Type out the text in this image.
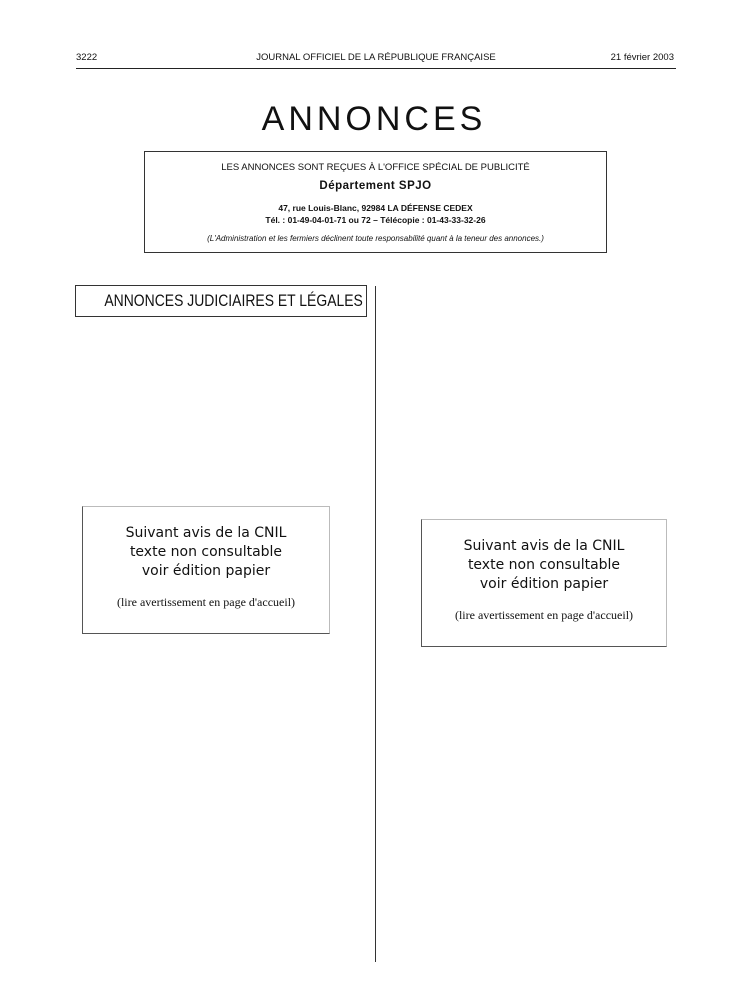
3222	JOURNAL OFFICIEL DE LA RÉPUBLIQUE FRANÇAISE	21 février 2003
ANNONCES
LES ANNONCES SONT REÇUES À L'OFFICE SPÉCIAL DE PUBLICITÉ
Département SPJO
47, rue Louis-Blanc, 92984 LA DÉFENSE CEDEX
Tél. : 01-49-04-01-71 ou 72 – Télécopie : 01-43-33-32-26
(L'Administration et les fermiers déclinent toute responsabilité quant à la teneur des annonces.)
ANNONCES JUDICIAIRES ET LÉGALES
Suivant avis de la CNIL
texte non consultable
voir édition papier
(lire avertissement en page d'accueil)
Suivant avis de la CNIL
texte non consultable
voir édition papier
(lire avertissement en page d'accueil)
